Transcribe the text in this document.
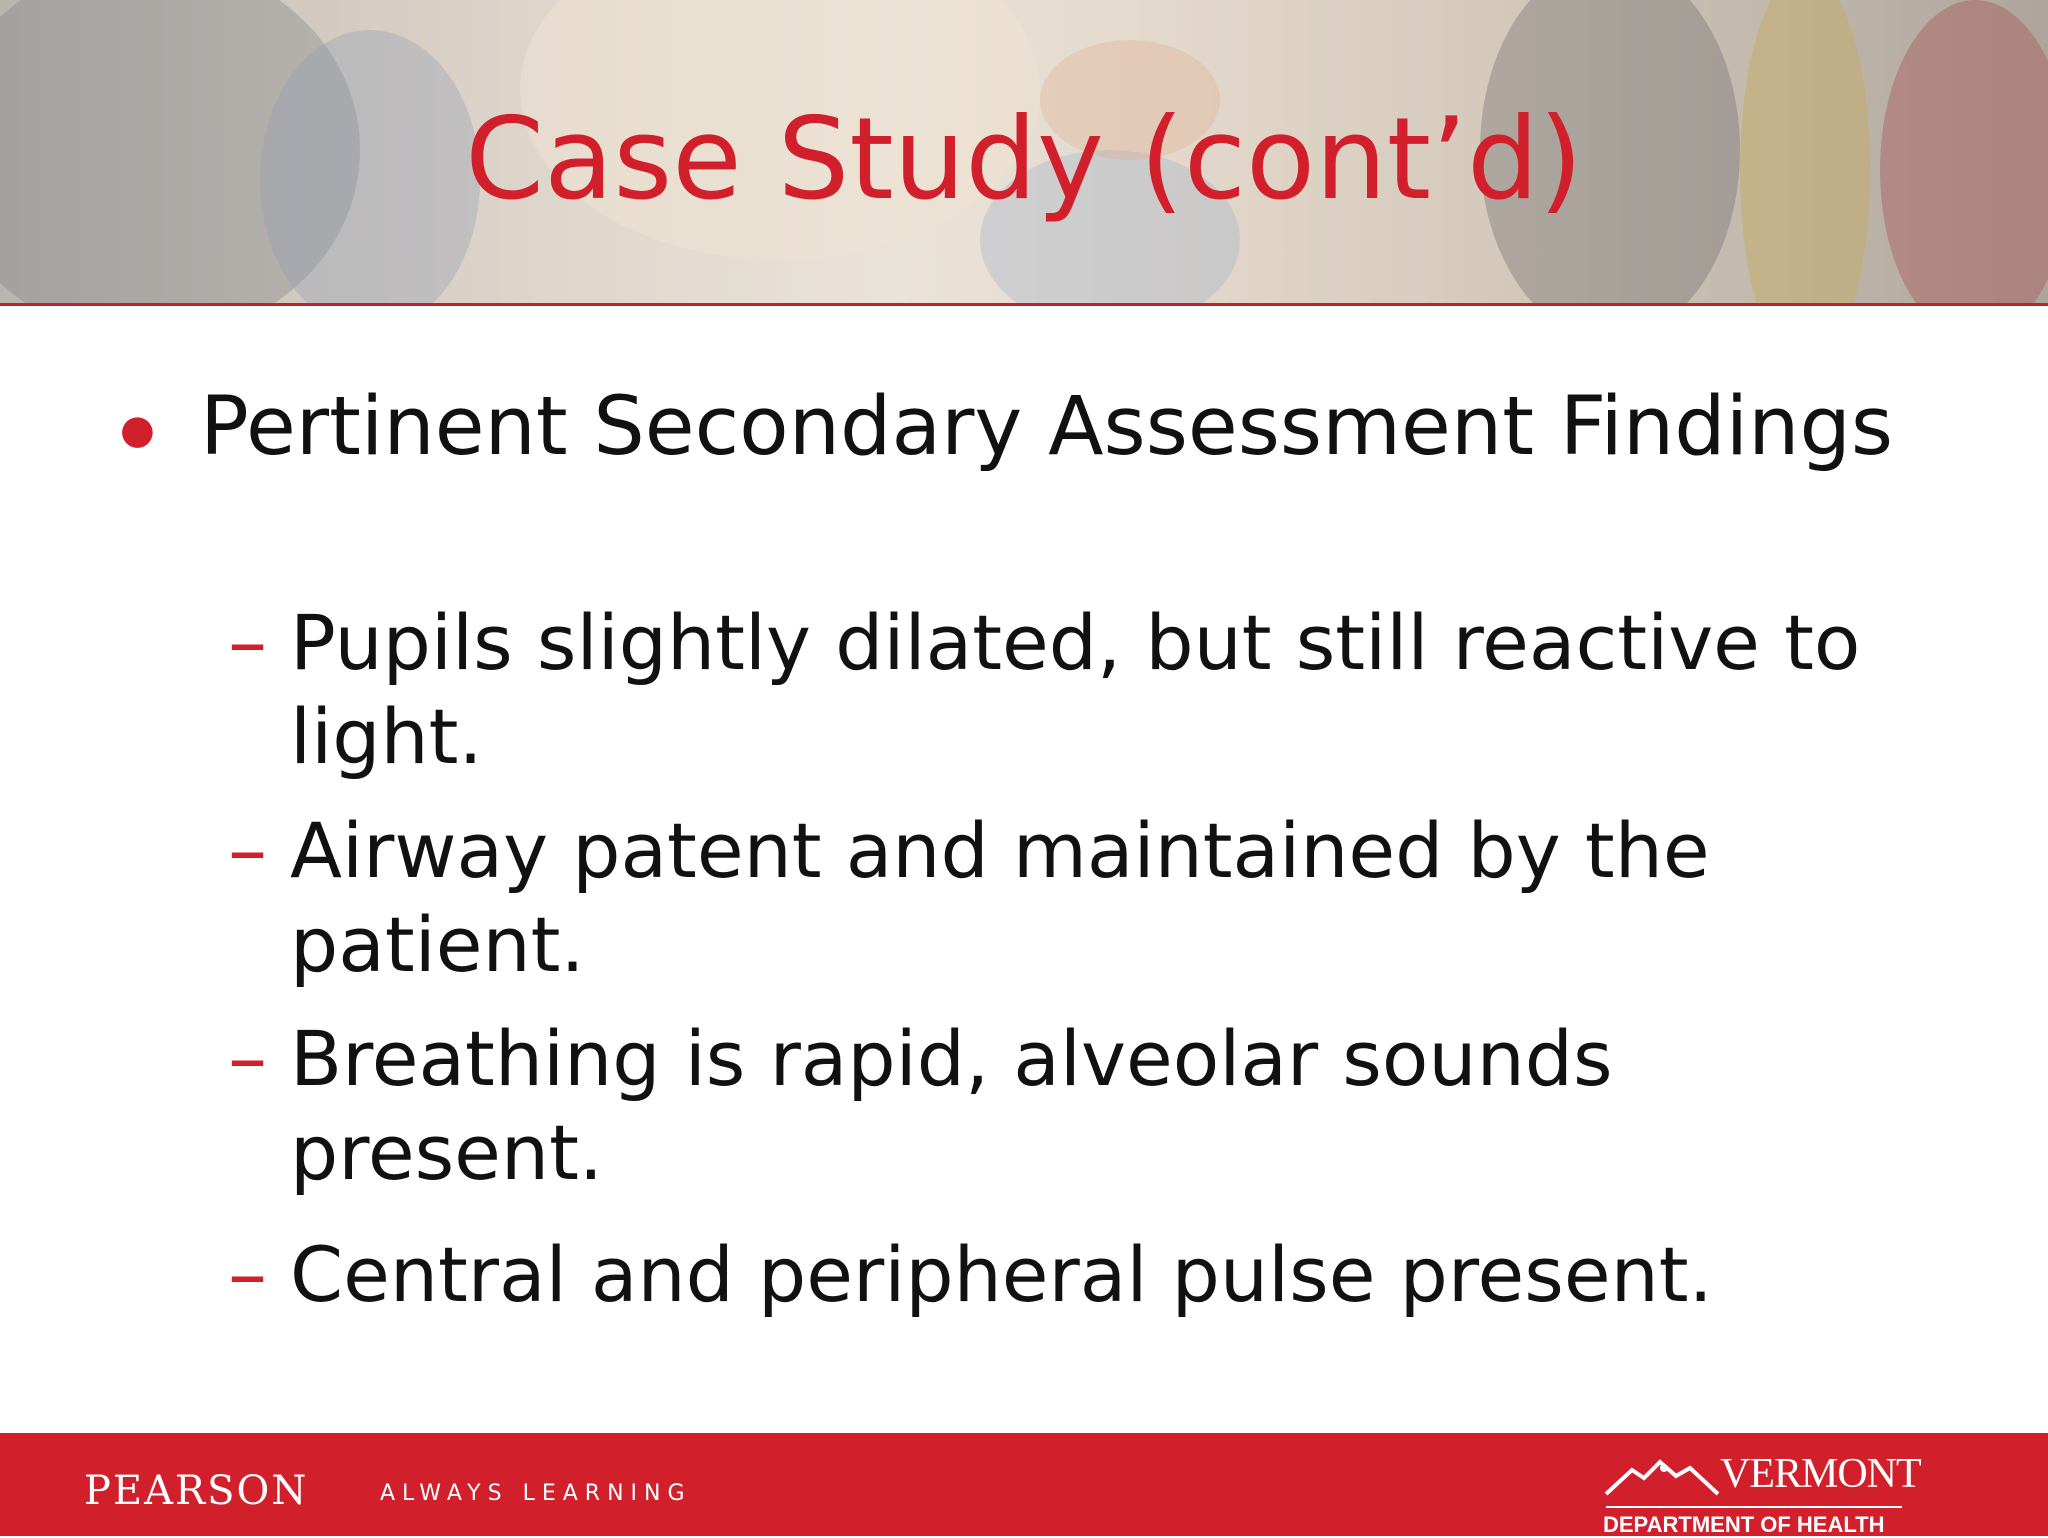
Case Study (cont’d)
● Pertinent Secondary Assessment Findings
– Pupils slightly dilated, but still reactive to light.
– Airway patent and maintained by the patient.
– Breathing is rapid, alveolar sounds present.
– Central and peripheral pulse present.
PEARSON	ALWAYS LEARNING	VERMONT
DEPARTMENT OF HEALTH
